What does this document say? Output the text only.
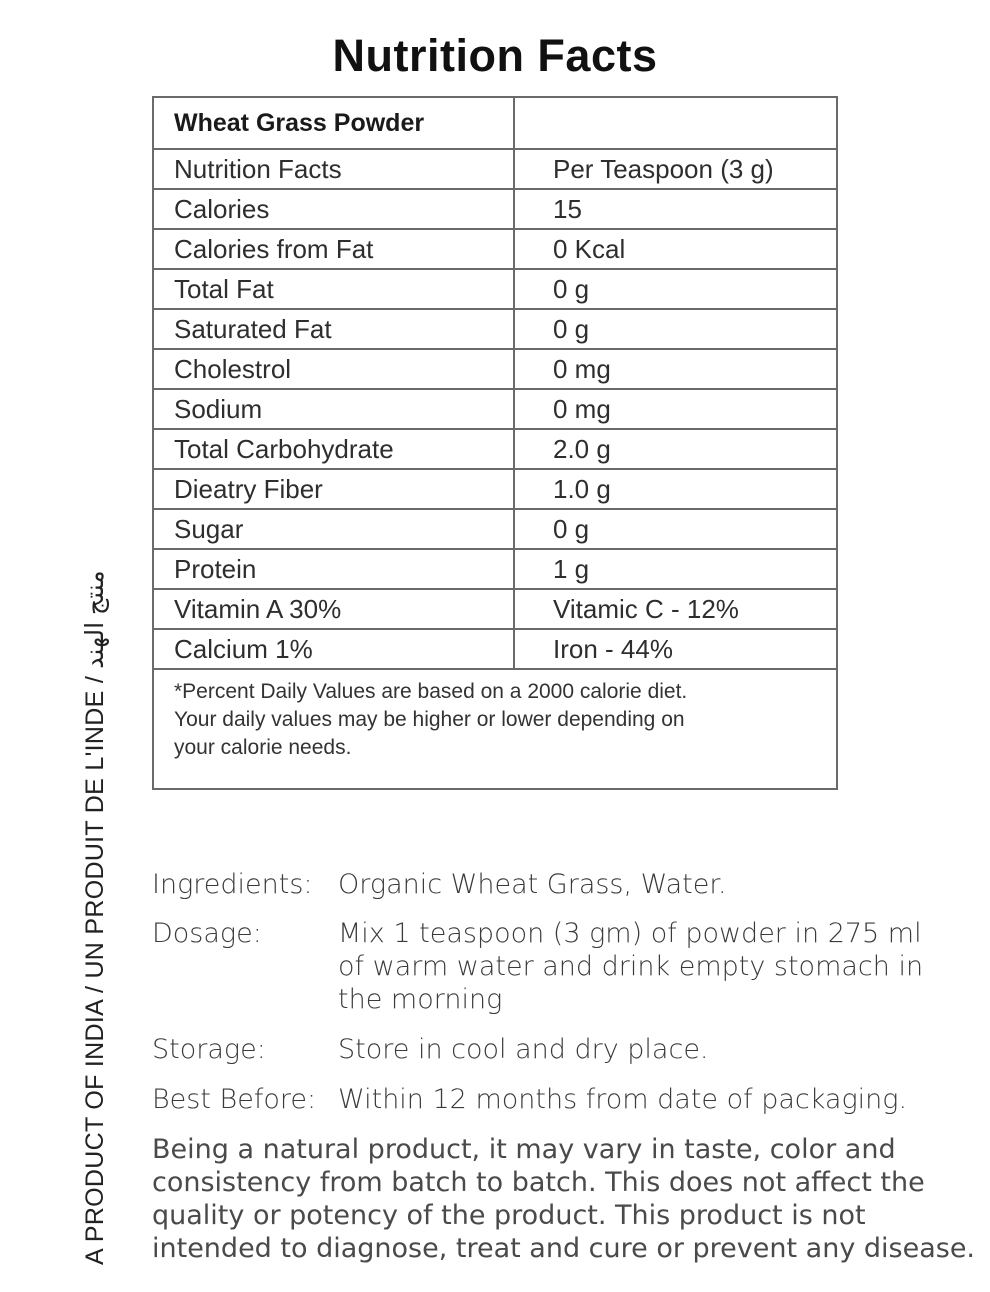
Nutrition Facts
Wheat Grass Powder	
Nutrition Facts	Per Teaspoon (3 g)
Calories	15
Calories from Fat	0 Kcal
Total Fat	0 g
Saturated Fat	0 g
Cholestrol	0 mg
Sodium	0 mg
Total Carbohydrate	2.0 g
Dieatry Fiber	1.0 g
Sugar	0 g
Protein	1 g
Vitamin A 30%	Vitamic C - 12%
Calcium 1%	Iron - 44%

*Percent Daily Values are based on a 2000 calorie diet.
Your daily values may be higher or lower depending on
your calorie needs.	
Ingredients: Organic Wheat Grass, Water.
Dosage:	Mix 1 teaspoon (3 gm) of powder in 275 ml
of warm water and drink empty stomach in
the morning
Storage:	Store in cool and dry place.
Best Before: Within 12 months from date of packaging.
Being a natural product, it may vary in taste, color and
consistency from batch to batch. This does not affect the
quality or potency of the product. This product is not
intended to diagnose, treat and cure or prevent any disease.
A PRODUCT OF INDIA / UN PRODUIT DE L'INDE / منتج الهند
